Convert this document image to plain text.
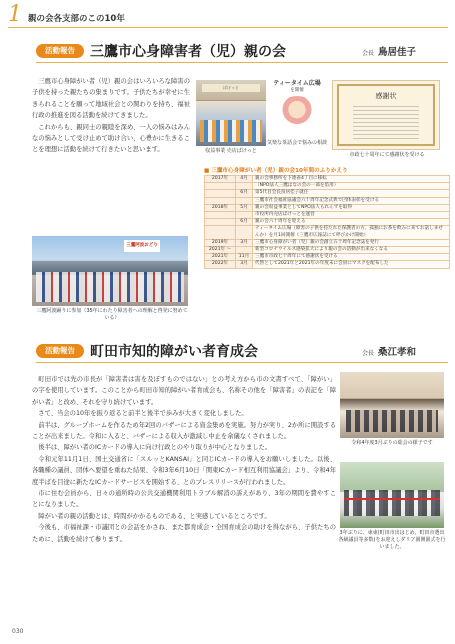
1 親の会各支部のこの10年
活動報告	三鷹市心身障害者（児）親の会	会長 鳥居佳子

三鷹市心身障がい者（児）親の会はいろいろな障害の子供を持った親たちの集まりです。子供たちが幸せに生きられることを願って地域社会との関わりを持ち、福祉行政の推進を図る活動を続けてきました。

これからも、親同士の親睦を深め、一人の悩みはみんなの悩みとして受け止めて助け合い、心豊かに生きることを理想に活動を続けて行きたいと思います。

ぱけっと
収益事業 売店ぱけっと
ティータイム広場
を開催
気楽な茶話会で悩みの相談
感謝状
市政七十周年にて感謝状を受ける
三鷹阿波おどり
三鷹阿波踊りに参加（35年にわたり障害者への理解と啓発に努めている）
■ 三鷹市心身障がい者（児）親の会10年間のふりかえり
2017年	4月	親の会事務所を下連雀4丁目に移転
		（NPO法人三鷹はなの会の一部を借用）
	6月	第5代目会長鳥居佳子就任
		三鷹市社会福祉協議会六十周年記念式典で団体表彰を受ける
2018年	5月	親の会収益事業としてNPO法人られんずを取得
		市役所内売店ぱけっとを運営
	6月	親の会六十周年を迎える
		ティータイム広場（障害の子供を持たれた保護者の方、孤独にお茶を飲みに来てお話しませんか）を月1回開催（三鷹市広報誌にて呼びかけ開始）
2019年	3月	三鷹市心身障がい者（児）親の会創立五十周年記念誌を発行
2021年 〜		新型コロナウイルス感染拡大により親の会の活動が出来なくなる
2021年	11月	三鷹市市政七十周年にて感謝状を受ける
2022年	3月	代替として2021年と2021年の年度末に会員にマスクを配布した
活動報告	町田市知的障がい者育成会	会長 桑江孝和

町田市では先の市長が「障害者は害を及ぼすものではない」との考え方から市の文書すべて、「障がい」の字を使用しています。このことから町田市知的障がい者育成会も、名称その他を「障害者」の表記を「障がい者」と改め、それを守り続けています。

さて、当会の10年を振り返ると前半と後半で歩みが大きく変化しました。

前半は、グループホームを作るため年2回のバザーによる資金集めを実施。努力が実り、2か所に開設することが出来ました。令和に入ると、バザーによる収入が激減し中止を余儀なくされました。

後半は、障がい者のICカードの導入に向け行政とのやり取りが中心となりました。

令和元年11月1日、国土交通省に「スルッとKANSAI」と同じICカードの導入をお願いしました。以後、各職種の議員、団体へ要望を重ねた結果、令和3年6月10日「関東ICカード相互利用協議会」より、令和4年度半ばを目途に新たなICカードサービスを開始する、とのプレスリリースが行われました。

市に住む会員から、日々の通所時の公共交通機関利用トラブル解消の訴えがあり、3年の期間を費やすことになりました。

障がい者の親の活動とは、時間がかかるものである、と実感しているところです。

今後も、市福祉課・市議団との会話をかさね、また都育成会・全国育成会の助けを得ながら、子供たちのために、活動を続けて参ります。

令和4年度3月ぶりの総会の様子です
3年ぶりに、東東(町田市出はじめ、町田市選出各級議員等多数)をお迎えしダリア園開園式を行いました。
030
